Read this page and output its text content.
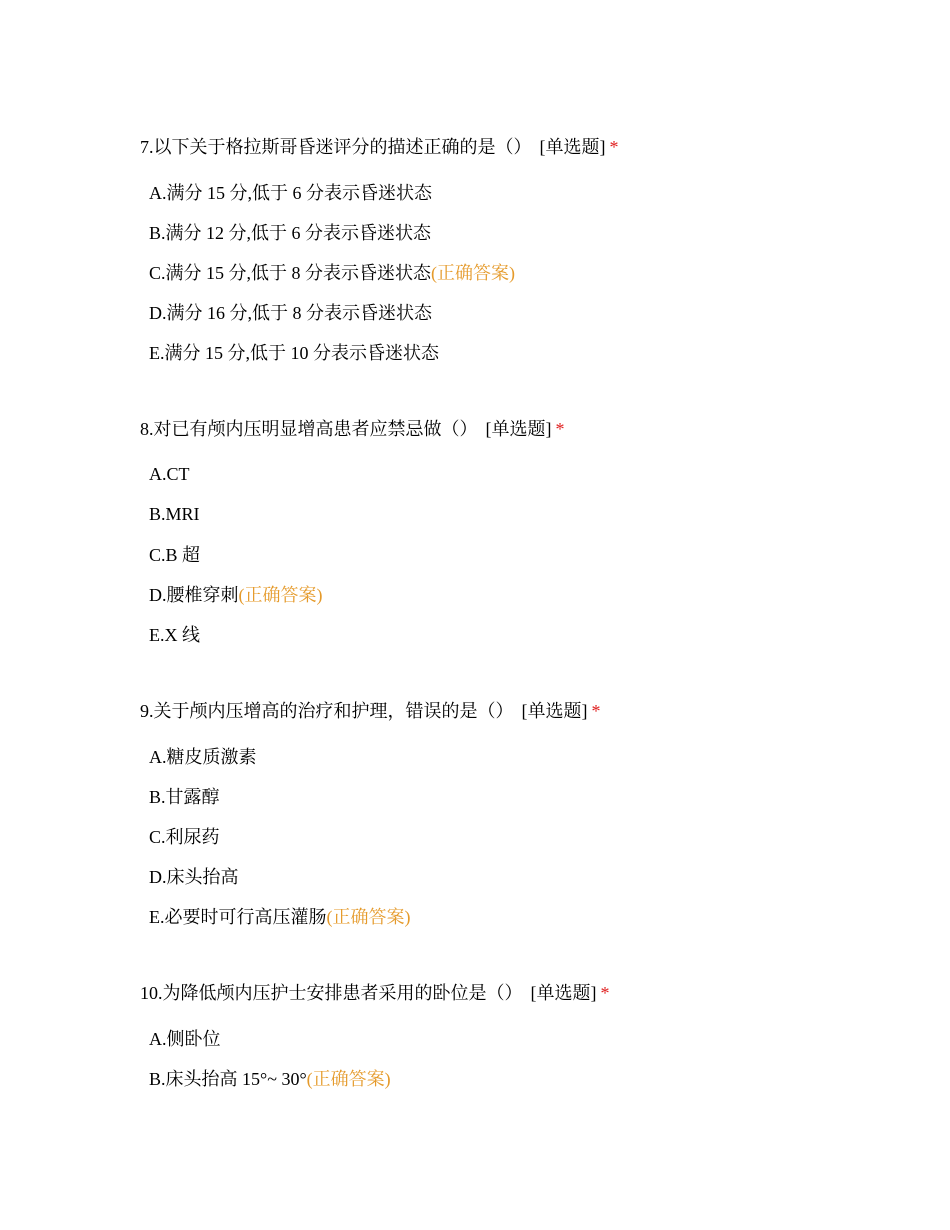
7.以下关于格拉斯哥昏迷评分的描述正确的是（） [单选题] *
A.满分 15 分,低于 6 分表示昏迷状态
B.满分 12 分,低于 6 分表示昏迷状态
C.满分 15 分,低于 8 分表示昏迷状态(正确答案)
D.满分 16 分,低于 8 分表示昏迷状态
E.满分 15 分,低于 10 分表示昏迷状态
8.对已有颅内压明显增高患者应禁忌做（） [单选题] *
A.CT
B.MRI
C.B 超
D.腰椎穿刺(正确答案)
E.X 线
9.关于颅内压增高的治疗和护理，错误的是（） [单选题] *
A.糖皮质激素
B.甘露醇
C.利尿药
D.床头抬高
E.必要时可行高压灌肠(正确答案)
10.为降低颅内压护士安排患者采用的卧位是（） [单选题] *
A.侧卧位
B.床头抬高 15°~ 30°(正确答案)
